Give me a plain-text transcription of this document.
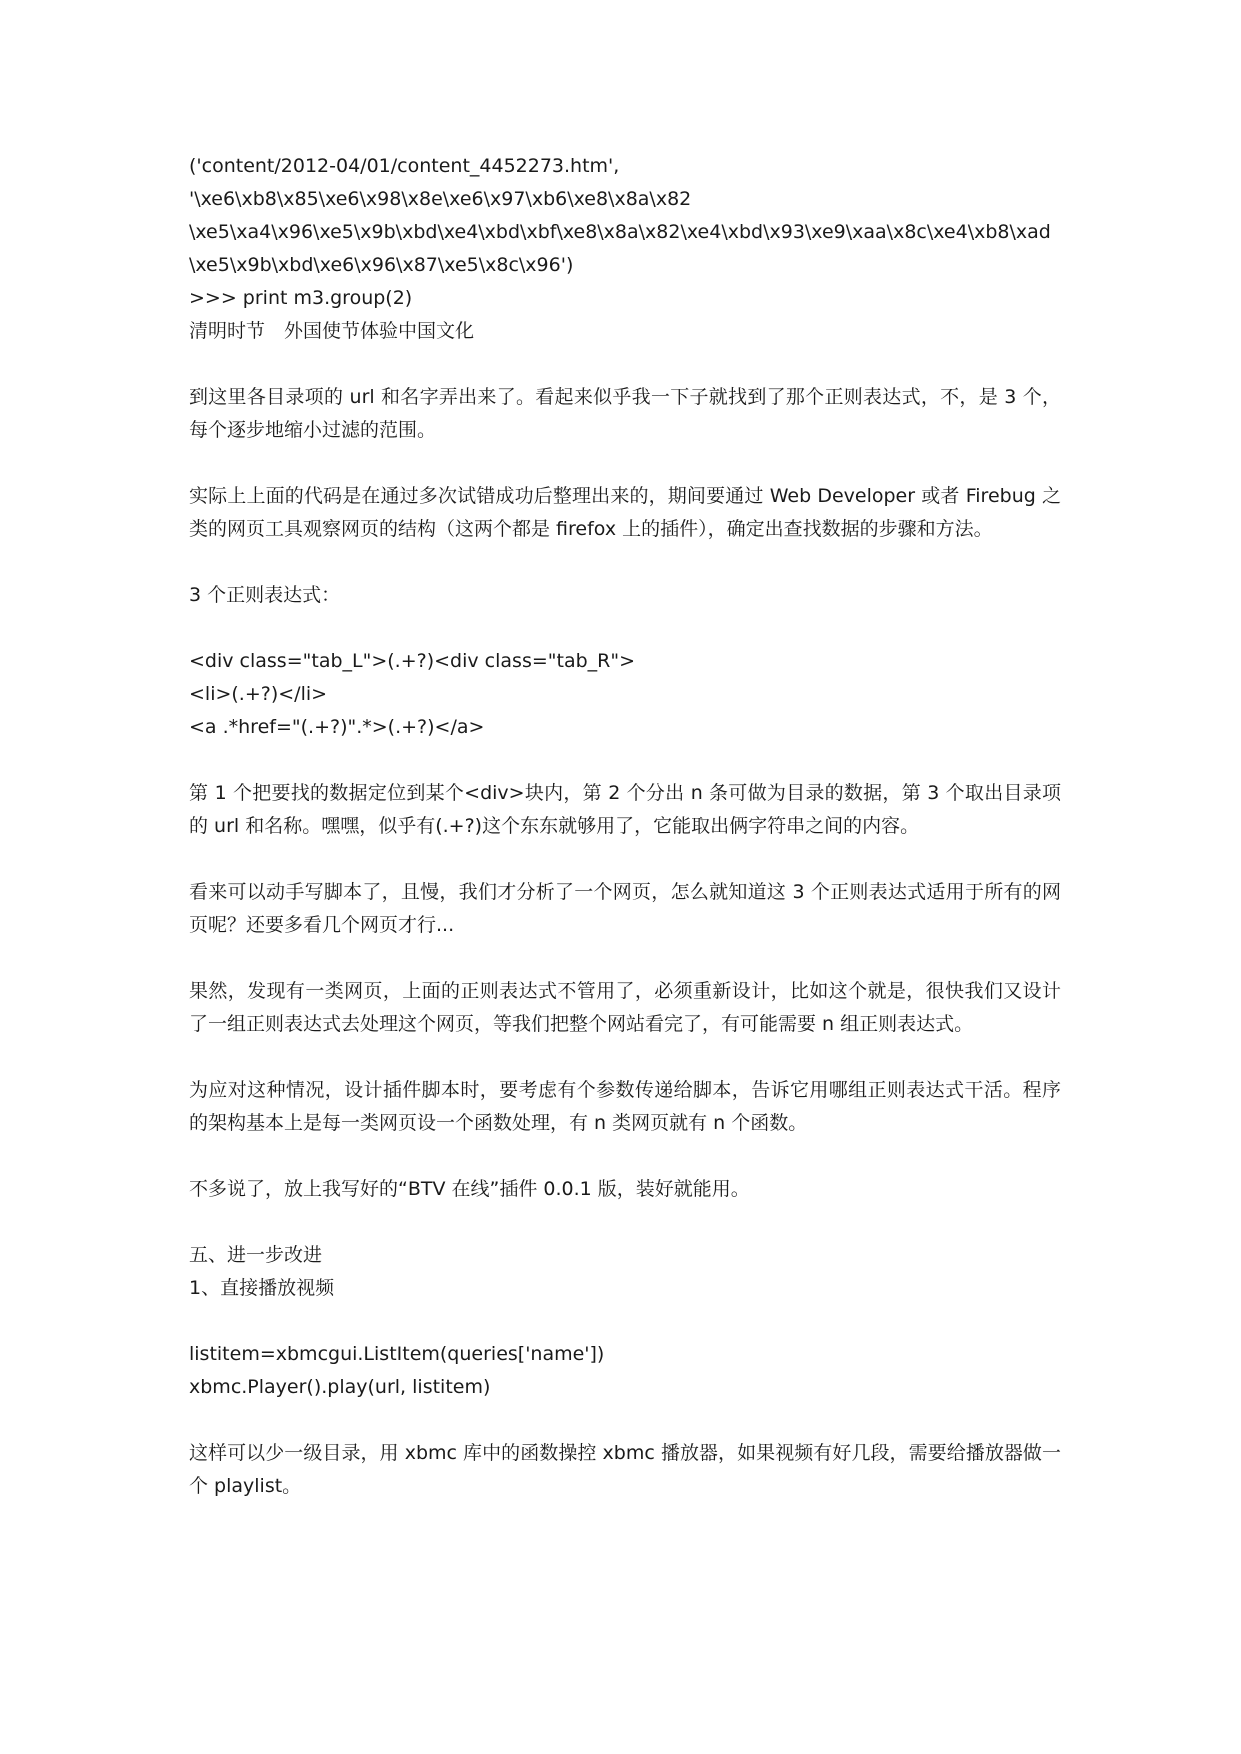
('content/2012-04/01/content_4452273.htm',
'\xe6\xb8\x85\xe6\x98\x8e\xe6\x97\xb6\xe8\x8a\x82
\xe5\xa4\x96\xe5\x9b\xbd\xe4\xbd\xbf\xe8\x8a\x82\xe4\xbd\x93\xe9\xaa\x8c\xe4\xb8\xad\xe5\x9b\xbd\xe6\x96\x87\xe5\x8c\x96')
>>> print m3.group(2)
清明时节　外国使节体验中国文化
到这里各目录项的 url 和名字弄出来了。看起来似乎我一下子就找到了那个正则表达式，不，是 3 个，每个逐步地缩小过滤的范围。
实际上上面的代码是在通过多次试错成功后整理出来的，期间要通过 Web Developer 或者 Firebug 之类的网页工具观察网页的结构（这两个都是 firefox 上的插件），确定出查找数据的步骤和方法。
3 个正则表达式：
<div class="tab_L">(.+?)<div class="tab_R">
<li>(.+?)</li>
<a .*href="(.+?)".*>(.+?)</a>
第 1 个把要找的数据定位到某个<div>块内，第 2 个分出 n 条可做为目录的数据，第 3 个取出目录项的 url 和名称。嘿嘿，似乎有(.+?)这个东东就够用了，它能取出俩字符串之间的内容。
看来可以动手写脚本了，且慢，我们才分析了一个网页，怎么就知道这 3 个正则表达式适用于所有的网页呢？还要多看几个网页才行...
果然，发现有一类网页，上面的正则表达式不管用了，必须重新设计，比如这个就是，很快我们又设计了一组正则表达式去处理这个网页，等我们把整个网站看完了，有可能需要 n 组正则表达式。
为应对这种情况，设计插件脚本时，要考虑有个参数传递给脚本，告诉它用哪组正则表达式干活。程序的架构基本上是每一类网页设一个函数处理，有 n 类网页就有 n 个函数。
不多说了，放上我写好的“BTV 在线”插件 0.0.1 版，装好就能用。
五、进一步改进
1、直接播放视频
listitem=xbmcgui.ListItem(queries['name'])
xbmc.Player().play(url, listitem)
这样可以少一级目录，用 xbmc 库中的函数操控 xbmc 播放器，如果视频有好几段，需要给播放器做一个 playlist。
